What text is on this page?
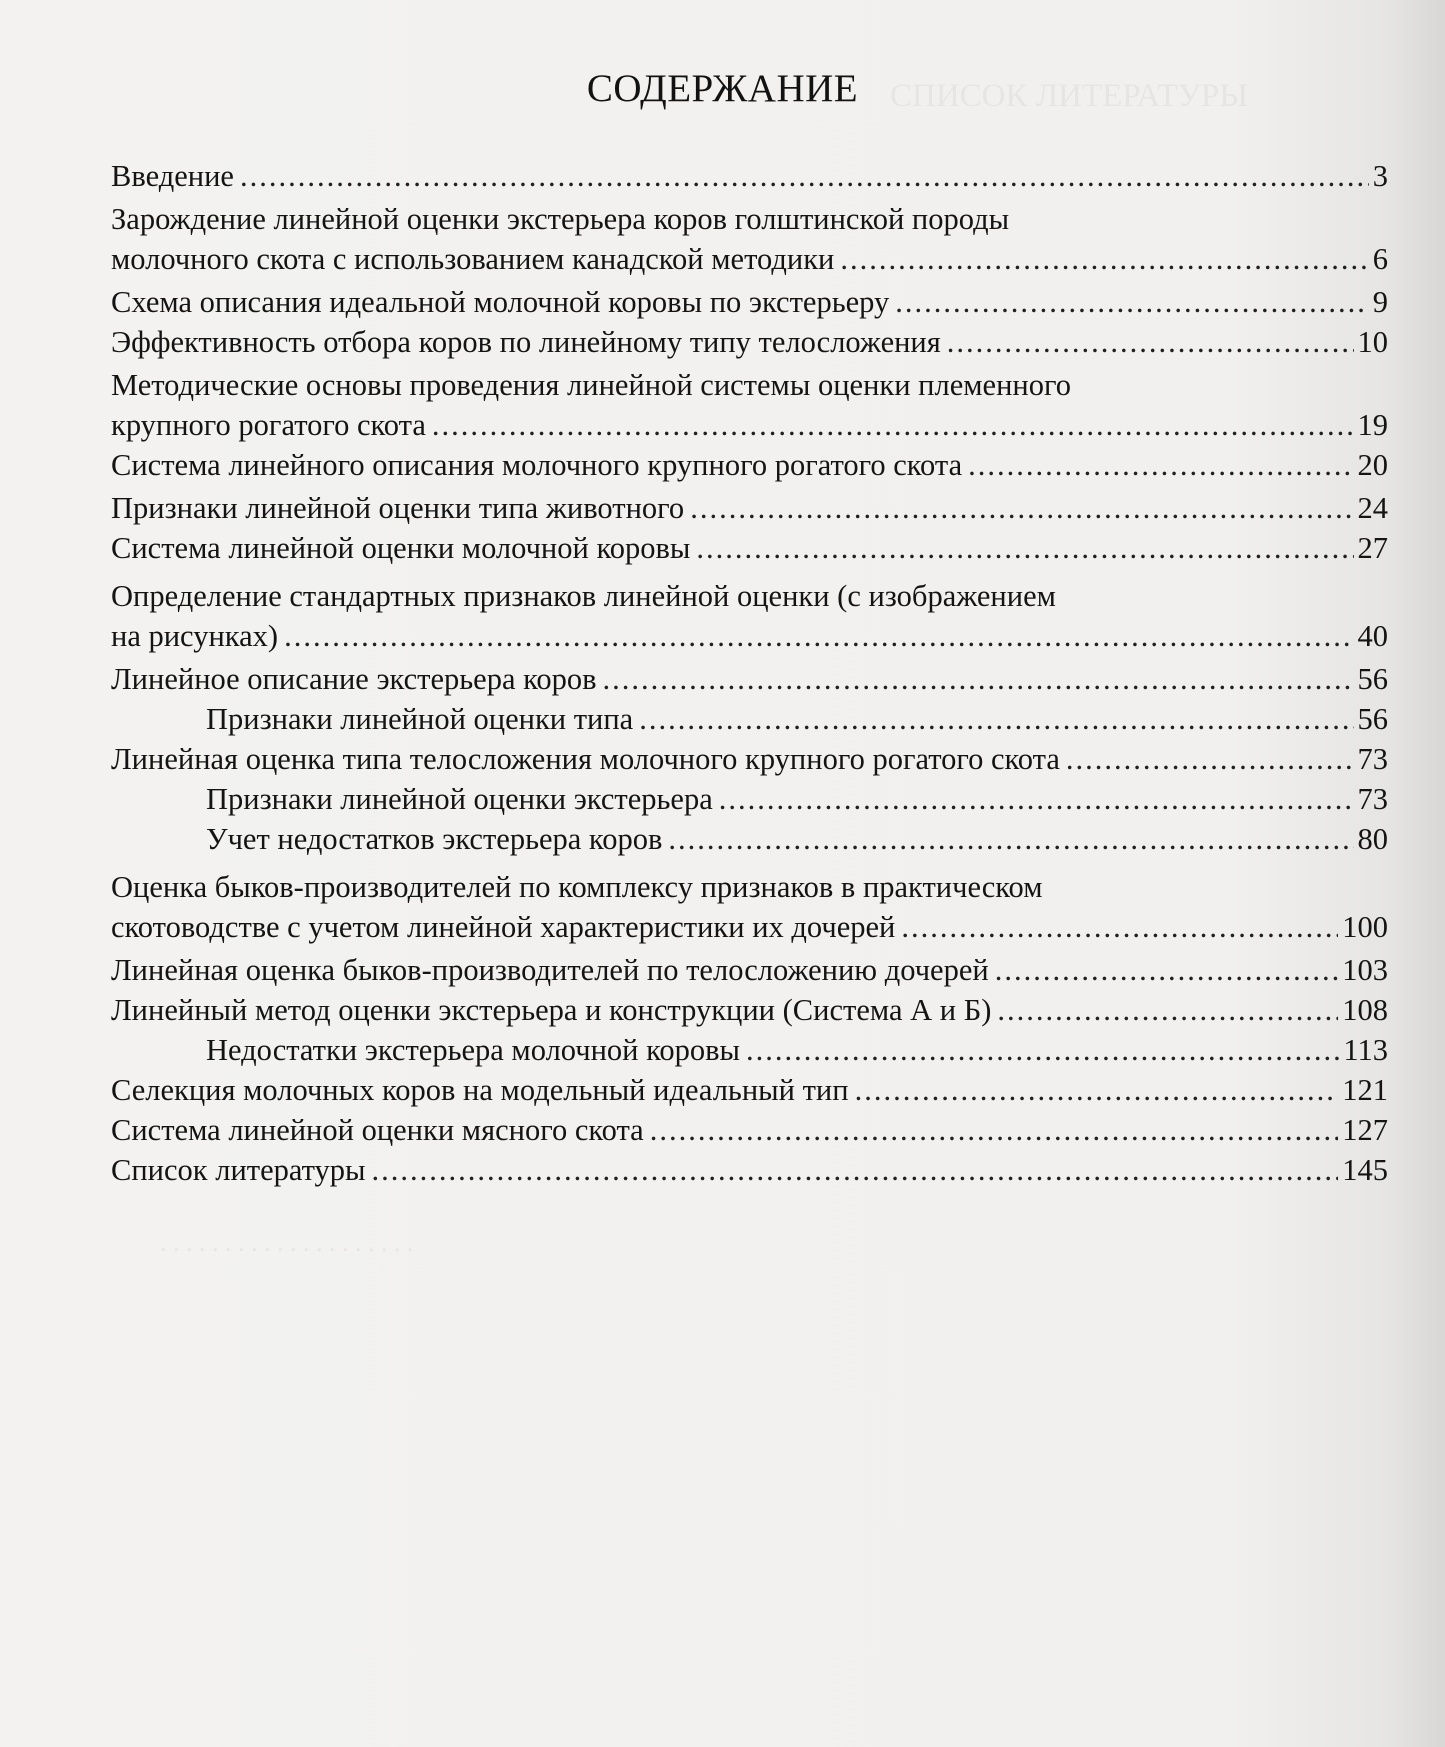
СПИСОК ЛИТЕРАТУРЫ
. . . . . . . . . . . . . . . . . . . .
СОДЕРЖАНИЕ
Введение .....	3
Зарождение линейной оценки экстерьера коров голштинской породы
молочного скота с использованием канадской методики .....	6
Схема описания идеальной молочной коровы по экстерьеру .....	9
Эффективность отбора коров по линейному типу телосложения .....	10
Методические основы проведения линейной системы оценки племенного
крупного рогатого скота .....	19
Система линейного описания молочного крупного рогатого скота .....	20
Признаки линейной оценки типа животного .....	24
Система линейной оценки молочной коровы .....	27
Определение стандартных признаков линейной оценки (с изображением
на рисунках) .....	40
Линейное описание экстерьера коров .....	56
Признаки линейной оценки типа .....	56
Линейная оценка типа телосложения молочного крупного рогатого скота .....	73
Признаки линейной оценки экстерьера .....	73
Учет недостатков экстерьера коров .....	80
Оценка быков-производителей по комплексу признаков в практическом
скотоводстве с учетом линейной характеристики их дочерей .....	100
Линейная оценка быков-производителей по телосложению дочерей .....	103
Линейный метод оценки экстерьера и конструкции (Система А и Б) .....	108
Недостатки экстерьера молочной коровы .....	113
Селекция молочных коров на модельный идеальный тип .....	121
Система линейной оценки мясного скота .....	127
Список литературы .....	145
